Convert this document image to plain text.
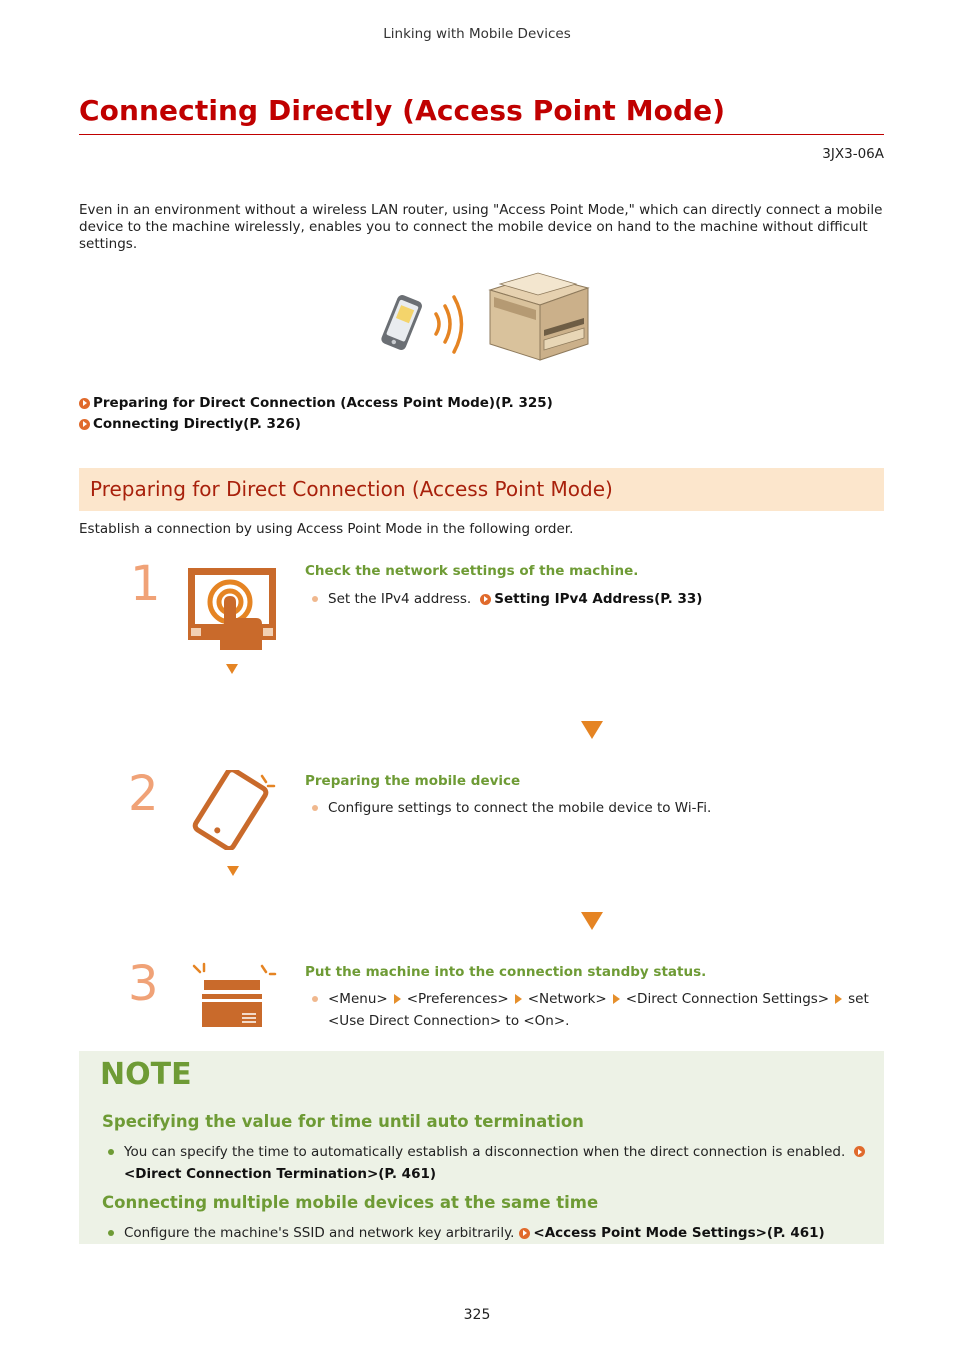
Linking with Mobile Devices
Connecting Directly (Access Point Mode)
3JX3-06A
Even in an environment without a wireless LAN router, using "Access Point Mode," which can directly connect a mobile device to the machine wirelessly, enables you to connect the mobile device on hand to the machine without difficult settings.
Preparing for Direct Connection (Access Point Mode)(P. 325)
Connecting Directly(P. 326)
Preparing for Direct Connection (Access Point Mode)
Establish a connection by using Access Point Mode in the following order.
1	Check the network settings of the machine.
Set the IPv4 address. Setting IPv4 Address(P. 33)
2	Preparing the mobile device
Configure settings to connect the mobile device to Wi-Fi.
3	Put the machine into the connection standby status.
<Menu> <Preferences> <Network> <Direct Connection Settings> set
<Use Direct Connection> to <On>.
NOTE
Specifying the value for time until auto termination
You can specify the time to automatically establish a disconnection when the direct connection is enabled.
<Direct Connection Termination>(P. 461)
Connecting multiple mobile devices at the same time
Configure the machine's SSID and network key arbitrarily. <Access Point Mode Settings>(P. 461)
325
